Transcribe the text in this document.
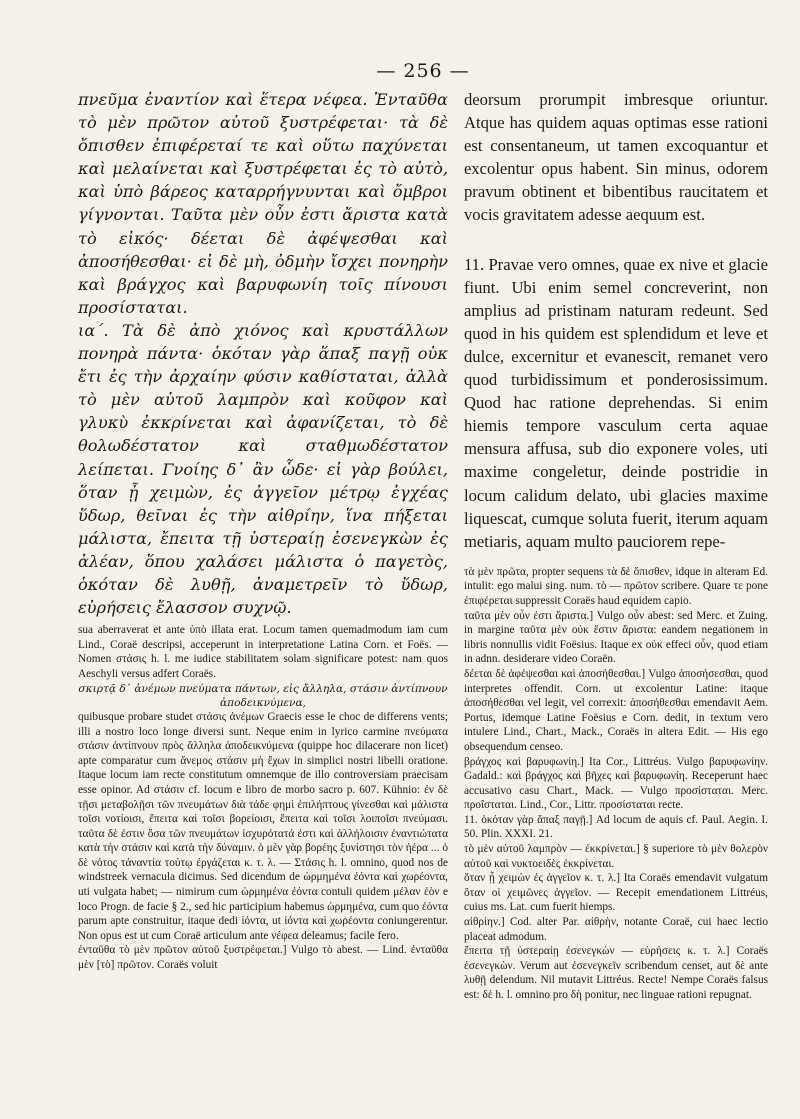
— 256 —

πνεῦμα ἐναντίον καὶ ἕτερα νέφεα. Ἐνταῦθα τὸ μὲν πρῶτον αὐτοῦ ξυστρέφεται· τὰ δὲ ὄπισθεν ἐπιφέρεταί τε καὶ οὕτω παχύνεται καὶ μελαίνεται καὶ ξυστρέφεται ἐς τὸ αὐτὸ, καὶ ὑπὸ βάρεος καταρρήγνυνται καὶ ὄμβροι γίγνονται. Ταῦτα μὲν οὖν ἐστι ἄριστα κατὰ τὸ εἰκός· δέεται δὲ ἀφέψεσθαι καὶ ἀποσήθεσθαι· εἰ δὲ μὴ, ὀδμὴν ἴσχει πονηρὴν καὶ βράγχος καὶ βαρυφωνίη τοῖς πίνουσι προσίσταται.

ια΄. Τὰ δὲ ἀπὸ χιόνος καὶ κρυστάλλων πονηρὰ πάντα· ὁκόταν γὰρ ἅπαξ παγῇ οὐκ ἔτι ἐς τὴν ἀρχαίην φύσιν καθίσταται, ἀλλὰ τὸ μὲν αὐτοῦ λαμπρὸν καὶ κοῦφον καὶ γλυκὺ ἐκκρίνεται καὶ ἀφανίζεται, τὸ δὲ θολωδέστατον καὶ σταθμωδέστατον λείπεται. Γνοίης δ᾽ ἂν ὧδε· εἰ γὰρ βούλει, ὅταν ᾖ χειμὼν, ἐς ἀγγεῖον μέτρῳ ἐγχέας ὕδωρ, θεῖναι ἐς τὴν αἰθρίην, ἵνα πήξεται μάλιστα, ἔπειτα τῇ ὑστεραίῃ ἐσενεγκὼν ἐς ἀλέαν, ὅπου χαλάσει μάλιστα ὁ παγετὸς, ὁκόταν δὲ λυθῇ, ἀναμετρεῖν τὸ ὕδωρ, εὑρήσεις ἔλασσον συχνῷ.

sua aberraverat et ante ὑπὸ illata erat. Locum tamen quemadmodum iam cum Lind., Coraë descripsi, acceperunt in interpretatione Latina Corn. et Foës. — Nomen στάσις h. l. me iudice stabilitatem solam significare potest: nam quos Aeschyli versus adfert Coraës.

σκιρτᾷ δ᾽ ἀνέμων πνεύματα πάντων, εἰς ἄλληλα, στάσιν ἀντίπνουν ἀποδεικνύμενα,

quibusque probare studet στάσις ἀνέμων Graecis esse le choc de differens vents; illi a nostro loco longe diversi sunt. Neque enim in lyrico carmine πνεύματα στάσιν ἀντίπνουν πρὸς ἄλληλα ἀποδεικνύμενα (quippe hoc dilacerare non licet) apte comparatur cum ἄνεμος στάσιν μὴ ἔχων in simplici nostri libelli oratione. Itaque locum iam recte constitutum omnemque de illo controversiam praecisam esse opinor. Ad στάσιν cf. locum e libro de morbo sacro p. 607. Kühnio: ἐν δὲ τῇσι μεταβολῇσι τῶν πνευμάτων διὰ τάδε φημὶ ἐπιλήπτους γίνεσθαι καὶ μάλιστα τοῖσι νοτίοισι, ἔπειτα καὶ τοῖσι βορείοισι, ἔπειτα καὶ τοῖσι λοιποῖσι πνεύμασι. ταῦτα δὲ ἐστιν ὅσα τῶν πνευμάτων ἰσχυρότατά ἐστι καὶ ἀλλήλοισιν ἐναντιώτατα κατὰ τὴν στάσιν καὶ κατὰ τὴν δύναμιν. ὁ μὲν γὰρ βορέης ξυνίστησι τὸν ἠέρα ... ὁ δὲ νότος τἀναντία τούτῳ ἐργάζεται κ. τ. λ. — Στάσις h. l. omnino, quod nos de windstreek vernacula dicimus. Sed dicendum de ὡρμημένα ἐόντα καὶ χωρέοντα, uti vulgata habet; — nimirum cum ὡρμημένα ἐόντα contuli quidem μέλαν ἐὸν e loco Progn. de facie § 2., sed hic participium habemus ὡρμημένα, cum quo ἐόντα parum apte construitur, itaque dedi ἰόντα, ut ἰόντα καὶ χωρέοντα coniungerentur. Non opus est ut cum Coraë articulum ante νέφεα deleamus; facile fero.

ἐνταῦθα τὸ μὲν πρῶτον αὐτοῦ ξυστρέφεται.] Vulgo τὸ abest. — Lind. ἐνταῦθα μὲν [τὸ] πρῶτον. Coraës voluit

deorsum prorumpit imbresque oriuntur. Atque has quidem aquas optimas esse rationi est consentaneum, ut tamen excoquantur et excolentur opus habent. Sin minus, odorem pravum obtinent et bibentibus raucitatem et vocis gravitatem adesse aequum est.

11. Pravae vero omnes, quae ex nive et glacie fiunt. Ubi enim semel concreverint, non amplius ad pristinam naturam redeunt. Sed quod in his quidem est splendidum et leve et dulce, excernitur et evanescit, remanet vero quod turbidissimum et ponderosissimum. Quod hac ratione deprehendas. Si enim hiemis tempore vasculum certa aquae mensura affusa, sub dio exponere voles, uti maxime congeletur, deinde postridie in locum calidum delato, ubi glacies maxime liquescat, cumque soluta fuerit, iterum aquam metiaris, aquam multo pauciorem repe-

τὰ μὲν πρῶτα, propter sequens τὰ δὲ ὄπισθεν, idque in alteram Ed. intulit: ego malui sing. num. τὸ — πρῶτον scribere. Quare τε pone ἐπιφέρεται suppressit Coraës haud equidem capio.

ταῦτα μὲν οὖν ἐστι ἄριστα.] Vulgo οὖν abest: sed Merc. et Zuing. in margine ταῦτα μὲν οὐκ ἔστιν ἄριστα: eandem negationem in libris nonnullis vidit Foësius. Itaque ex οὐκ effeci οὖν, quod etiam in adnn. desiderare video Coraën.

δέεται δὲ ἀφέψεσθαι καὶ ἀποσήθεσθαι.] Vulgo ἀποσήσεσθαι, quod interpretes offendit. Corn. ut excolentur Latine: itaque ἀποσήθεσθαι vel legit, vel correxit: ἀποσήθεσθαι emendavit Aem. Portus, idemque Latine Foësius e Corn. dedit, in textum vero intulere Lind., Chart., Mack., Coraës in altera Edit. — His ego obsequendum censeo.

βράγχος καὶ βαρυφωνίη.] Ita Cor., Littréus. Vulgo βαρυφωνίην. Gadald.: καὶ βράγχος καὶ βῆχες καὶ βαρυφωνίη. Receperunt haec accusativo casu Chart., Mack. — Vulgo πρoσίσταται. Merc. προΐσταται. Lind., Cor., Littr. προσίσταται recte.

11. ὁκόταν γὰρ ἅπαξ παγῇ.] Ad locum de aquis cf. Paul. Aegin. I. 50. Plin. XXXI. 21.

τὸ μὲν αὐτοῦ λαμπρὸν — ἐκκρίνεται.] § superiore τὸ μὲν θολερὸν αὐτοῦ καὶ νυκτοειδὲς ἐκκρίνεται.

ὅταν ᾖ χειμὼν ἐς ἀγγεῖον κ. τ. λ.] Ita Coraës emendavit vulgatum ὅταν οἱ χειμῶνες ἀγγεῖον. — Recepit emendationem Littréus, cuius ms. Lat. cum fuerit hiemps.

αἰθρίην.] Cod. alter Par. αἰθρὴν, notante Coraë, cui haec lectio placeat admodum.

ἔπειτα τῇ ὑστεραίῃ ἐσενεγκὼν — εὑρήσεις κ. τ. λ.] Coraës ἐσενεγκὼν. Verum aut ἐσενεγκεῖν scribendum censet, aut δὲ ante λυθῇ delendum. Nil mutavit Littréus. Recte! Nempe Coraës falsus est: δὲ h. l. omnino pro δὴ ponitur, nec linguae rationi repugnat.
